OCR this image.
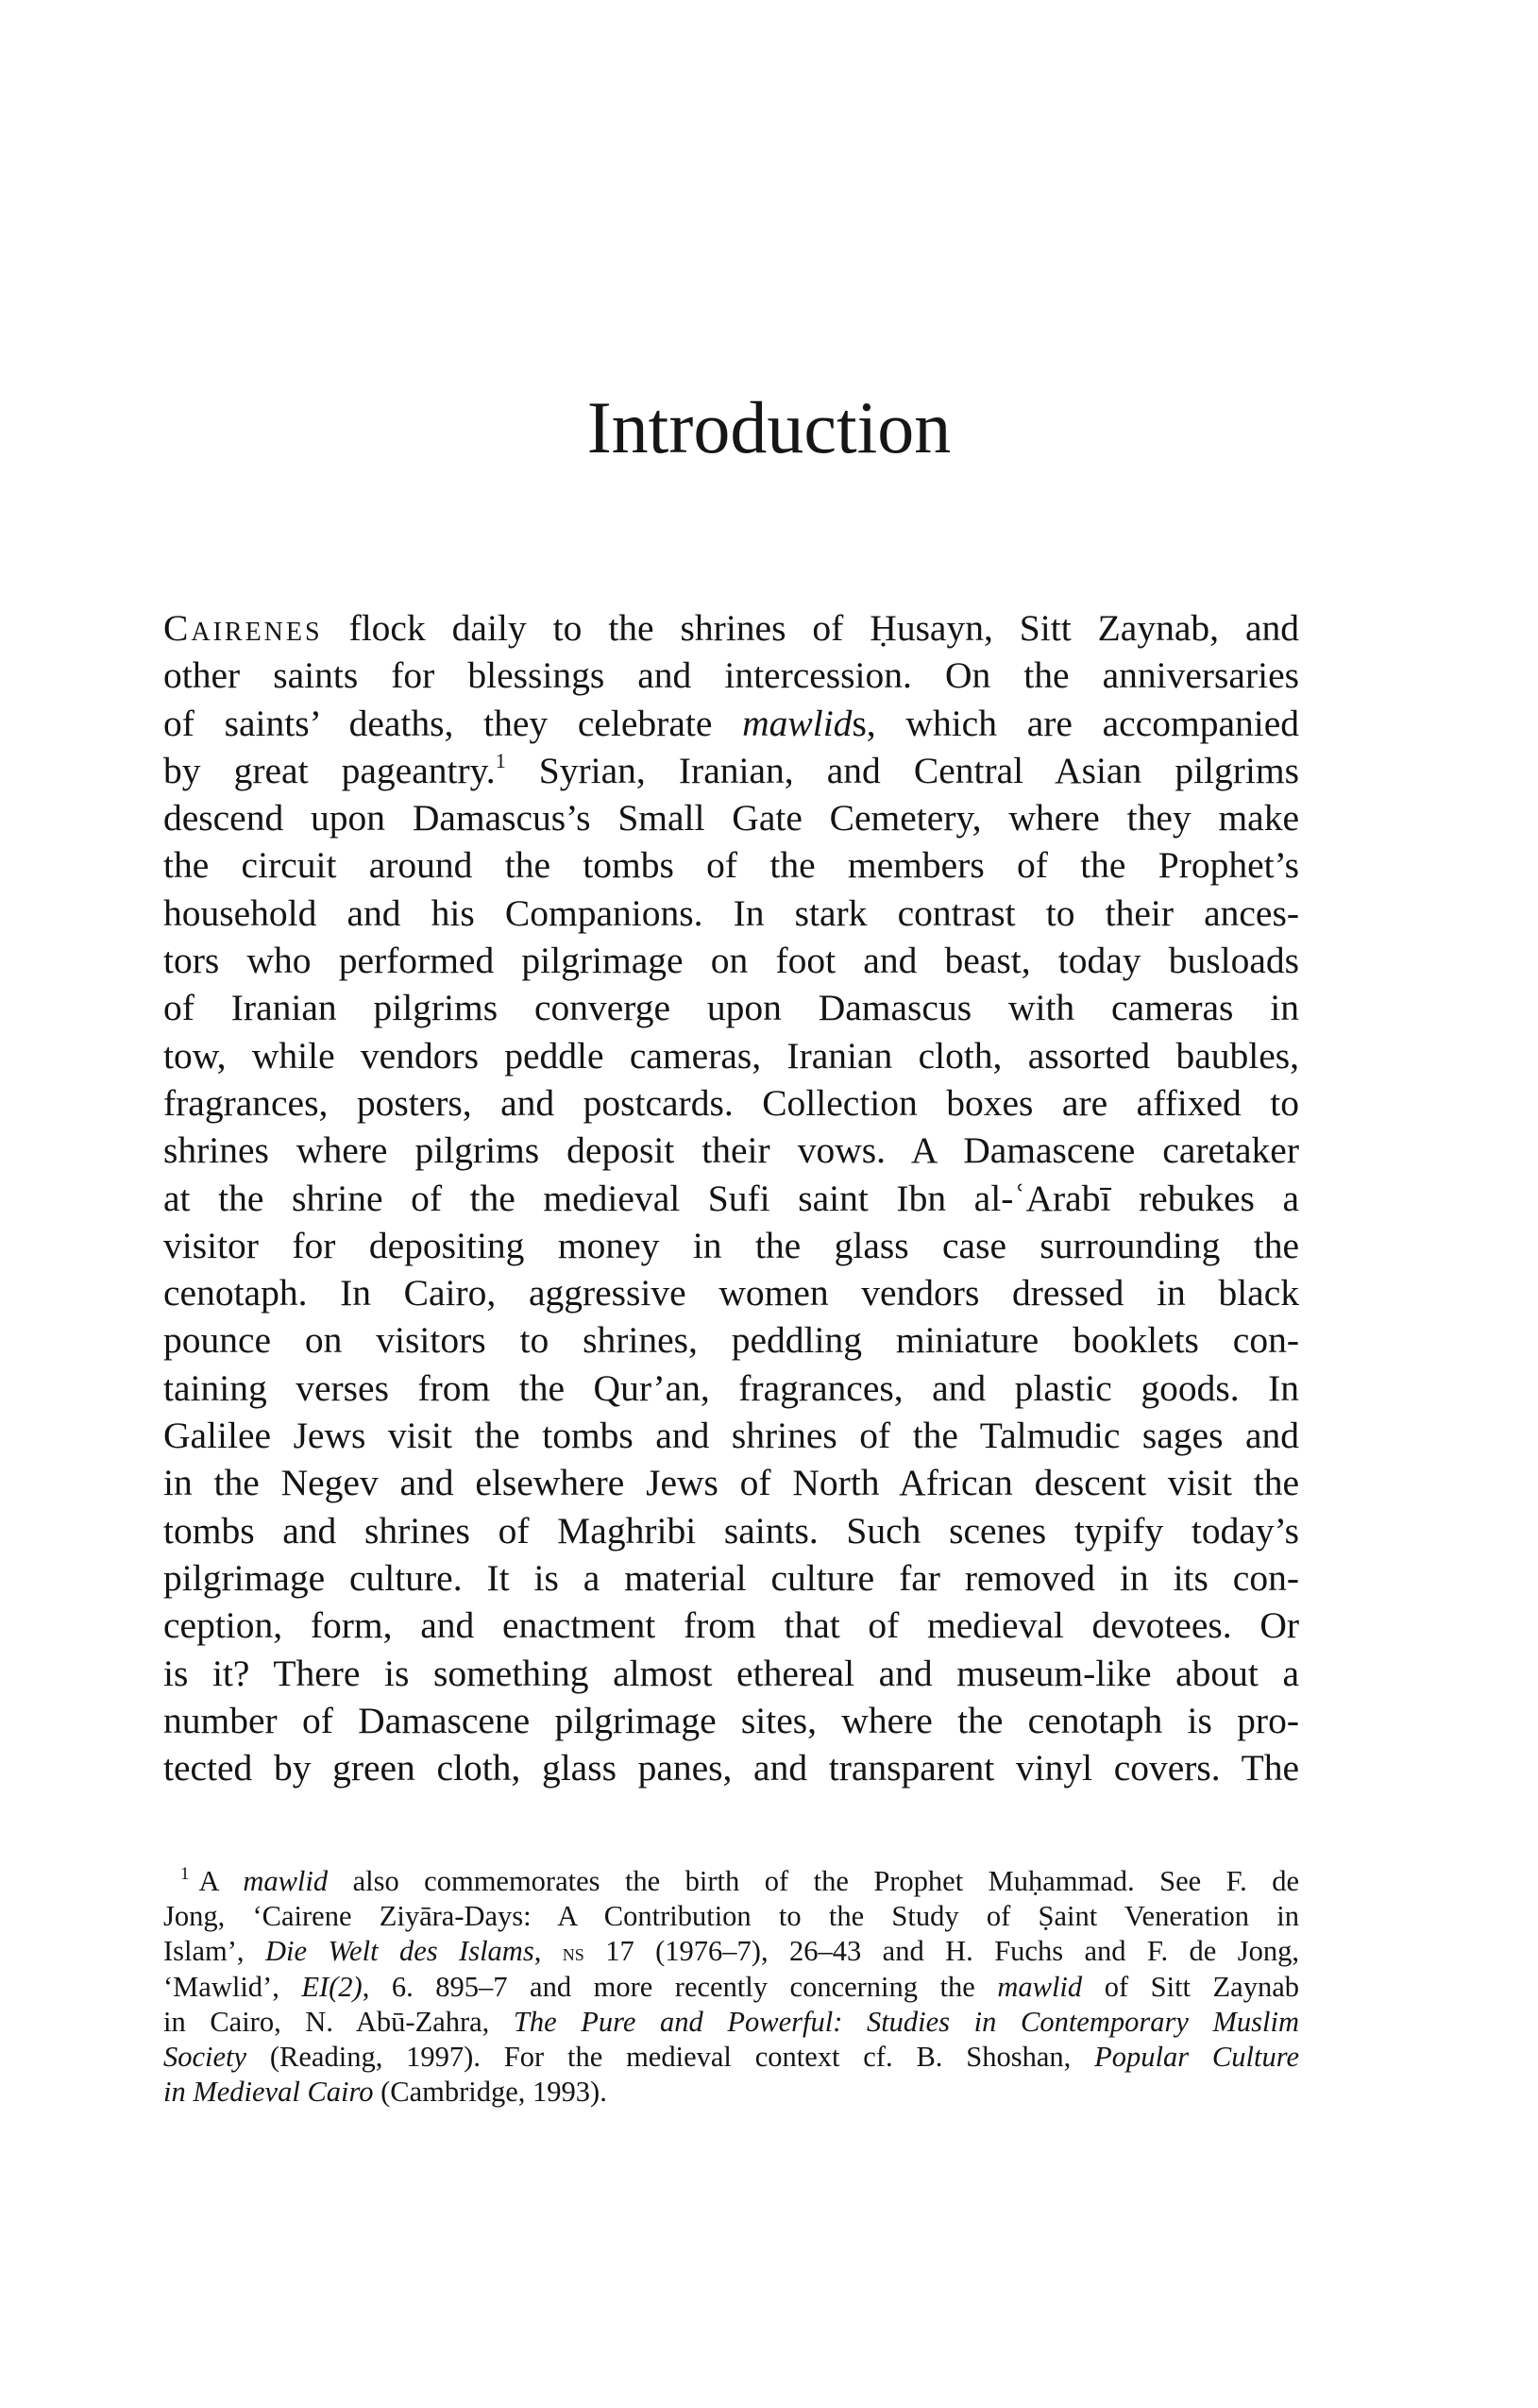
Introduction
Cairenes flock daily to the shrines of Ḥusayn, Sitt Zaynab, and
other saints for blessings and intercession. On the anniversaries
of saints’ deaths, they celebrate mawlids, which are accompanied
by great pageantry.$^1$ Syrian, Iranian, and Central Asian pilgrims
descend upon Damascus’s Small Gate Cemetery, where they make
the circuit around the tombs of the members of the Prophet’s
household and his Companions. In stark contrast to their ances-
tors who performed pilgrimage on foot and beast, today busloads
of Iranian pilgrims converge upon Damascus with cameras in
tow, while vendors peddle cameras, Iranian cloth, assorted baubles,
fragrances, posters, and postcards. Collection boxes are affixed to
shrines where pilgrims deposit their vows. A Damascene caretaker
at the shrine of the medieval Sufi saint Ibn al-ʿArabī rebukes a
visitor for depositing money in the glass case surrounding the
cenotaph. In Cairo, aggressive women vendors dressed in black
pounce on visitors to shrines, peddling miniature booklets con-
taining verses from the Qur’an, fragrances, and plastic goods. In
Galilee Jews visit the tombs and shrines of the Talmudic sages and
in the Negev and elsewhere Jews of North African descent visit the
tombs and shrines of Maghribi saints. Such scenes typify today’s
pilgrimage culture. It is a material culture far removed in its con-
ception, form, and enactment from that of medieval devotees. Or
is it? There is something almost ethereal and museum-like about a
number of Damascene pilgrimage sites, where the cenotaph is pro-
tected by green cloth, glass panes, and transparent vinyl covers. The
$^1$ A mawlid also commemorates the birth of the Prophet Muḥammad. See F. de
Jong, ‘Cairene Ziyāra-Days: A Contribution to the Study of Ṣaint Veneration in
Islam’, Die Welt des Islams, ns 17 (1976–7), 26–43 and H. Fuchs and F. de Jong,
‘Mawlid’, EI(2), 6. 895–7 and more recently concerning the mawlid of Sitt Zaynab
in Cairo, N. Abū-Zahra, The Pure and Powerful: Studies in Contemporary Muslim
Society (Reading, 1997). For the medieval context cf. B. Shoshan, Popular Culture
in Medieval Cairo (Cambridge, 1993).
